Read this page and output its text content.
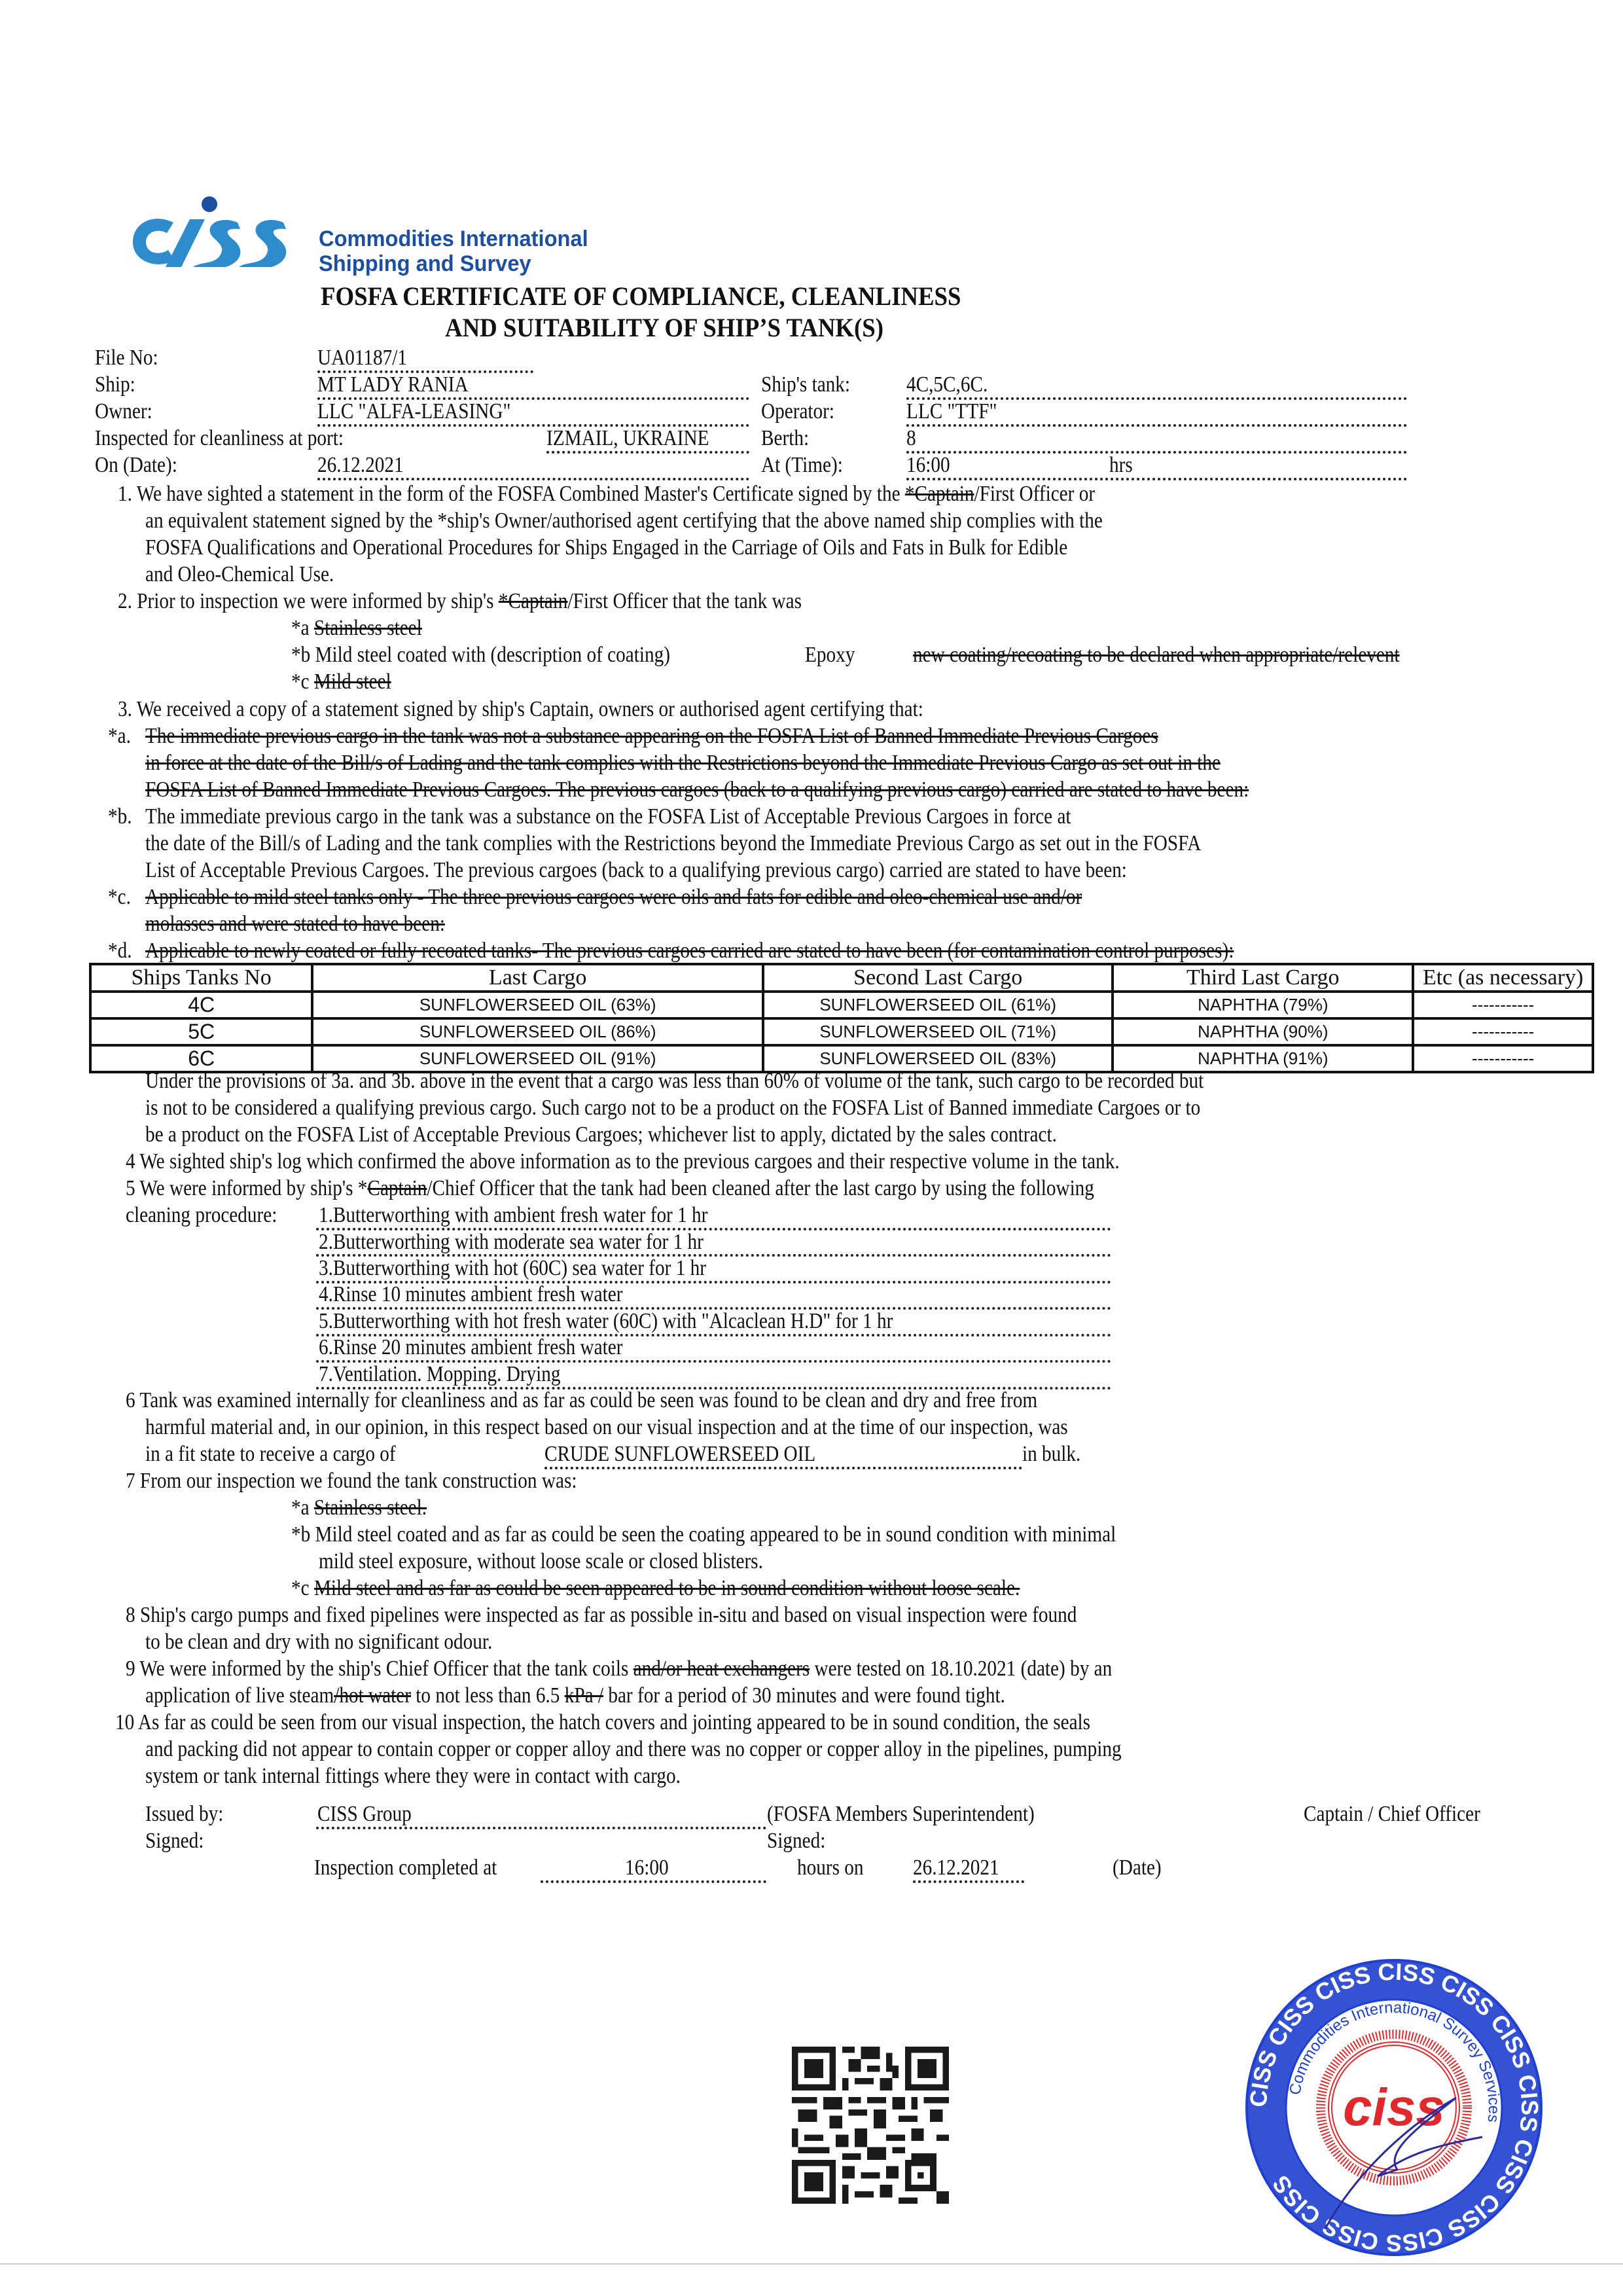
Commodities International
Shipping and Survey
FOSFA CERTIFICATE OF COMPLIANCE, CLEANLINESS
AND SUITABILITY OF SHIP’S TANK(S)
File No:	UA01187/1
Ship:	MT LADY RANIA
Owner:	LLC "ALFA-LEASING"
Inspected for cleanliness at port:	IZMAIL, UKRAINE
On (Date):	26.12.2021
Ship's tank:	4C,5C,6C.
Operator:	LLC "TTF"
Berth:	8
At (Time):	16:00	hrs
1. We have sighted a statement in the form of the FOSFA Combined Master's Certificate signed by the *Captain/First Officer or
an equivalent statement signed by the *ship's Owner/authorised agent certifying that the above named ship complies with the
FOSFA Qualifications and Operational Procedures for Ships Engaged in the Carriage of Oils and Fats in Bulk for Edible
and Oleo-Chemical Use.
2. Prior to inspection we were informed by ship's *Captain/First Officer that the tank was
*a Stainless steel
*b Mild steel coated with (description of coating)	Epoxy	new coating/recoating to be declared when appropriate/relevent
*c Mild steel
3. We received a copy of a statement signed by ship's Captain, owners or authorised agent certifying that:
*a. The immediate previous cargo in the tank was not a substance appearing on the FOSFA List of Banned Immediate Previous Cargoes
in force at the date of the Bill/s of Lading and the tank complies with the Restrictions beyond the Immediate Previous Cargo as set out in the
FOSFA List of Banned Immediate Previous Cargoes. The previous cargoes (back to a qualifying previous cargo) carried are stated to have been:
*b. The immediate previous cargo in the tank was a substance on the FOSFA List of Acceptable Previous Cargoes in force at
the date of the Bill/s of Lading and the tank complies with the Restrictions beyond the Immediate Previous Cargo as set out in the FOSFA
List of Acceptable Previous Cargoes. The previous cargoes (back to a qualifying previous cargo) carried are stated to have been:
*c. Applicable to mild steel tanks only - The three previous cargoes were oils and fats for edible and oleo-chemical use and/or
molasses and were stated to have been:
*d. Applicable to newly coated or fully recoated tanks- The previous cargoes carried are stated to have been (for contamination control purposes):
Ships Tanks No	Last Cargo	Second Last Cargo	Third Last Cargo	Etc (as necessary)
4C	SUNFLOWERSEED OIL (63%)	SUNFLOWERSEED OIL (61%)	NAPHTHA (79%)	-----------
5C	SUNFLOWERSEED OIL (86%)	SUNFLOWERSEED OIL (71%)	NAPHTHA (90%)	-----------
6C	SUNFLOWERSEED OIL (91%)	SUNFLOWERSEED OIL (83%)	NAPHTHA (91%)	-----------
Under the provisions of 3a. and 3b. above in the event that a cargo was less than 60% of volume of the tank, such cargo to be recorded but
is not to be considered a qualifying previous cargo. Such cargo not to be a product on the FOSFA List of Banned immediate Cargoes or to
be a product on the FOSFA List of Acceptable Previous Cargoes; whichever list to apply, dictated by the sales contract.
4 We sighted ship's log which confirmed the above information as to the previous cargoes and their respective volume in the tank.
5 We were informed by ship's *Captain/Chief Officer that the tank had been cleaned after the last cargo by using the following
cleaning procedure: 1.Butterworthing with ambient fresh water for 1 hr
2.Butterworthing with moderate sea water for 1 hr
3.Butterworthing with hot (60C) sea water for 1 hr
4.Rinse 10 minutes ambient fresh water
5.Butterworthing with hot fresh water (60C) with "Alcaclean H.D" for 1 hr
6.Rinse 20 minutes ambient fresh water
7.Ventilation. Mopping. Drying
6 Tank was examined internally for cleanliness and as far as could be seen was found to be clean and dry and free from
harmful material and, in our opinion, in this respect based on our visual inspection and at the time of our inspection, was
in a fit state to receive a cargo of	CRUDE SUNFLOWERSEED OIL	in bulk.
7 From our inspection we found the tank construction was:
*a Stainless steel.
*b Mild steel coated and as far as could be seen the coating appeared to be in sound condition with minimal
mild steel exposure, without loose scale or closed blisters.
*c Mild steel and as far as could be seen appeared to be in sound condition without loose scale.
8 Ship's cargo pumps and fixed pipelines were inspected as far as possible in-situ and based on visual inspection were found
to be clean and dry with no significant odour.
9 We were informed by the ship's Chief Officer that the tank coils and/or heat exchangers were tested on 18.10.2021 (date) by an
application of live steam/hot water to not less than 6.5 kPa / bar for a period of 30 minutes and were found tight.
10 As far as could be seen from our visual inspection, the hatch covers and jointing appeared to be in sound condition, the seals
and packing did not appear to contain copper or copper alloy and there was no copper or copper alloy in the pipelines, pumping
system or tank internal fittings where they were in contact with cargo.
Issued by:	CISS Group	(FOSFA Members Superintendent)	Captain / Chief Officer
Signed:	Signed:
Inspection completed at	16:00	hours on 26.12.2021	(Date)
CISS CISS CISS CISS CISS CISS CISS CISS CISS CISS CISS CISS
Commodities International Survey Services
ciss
